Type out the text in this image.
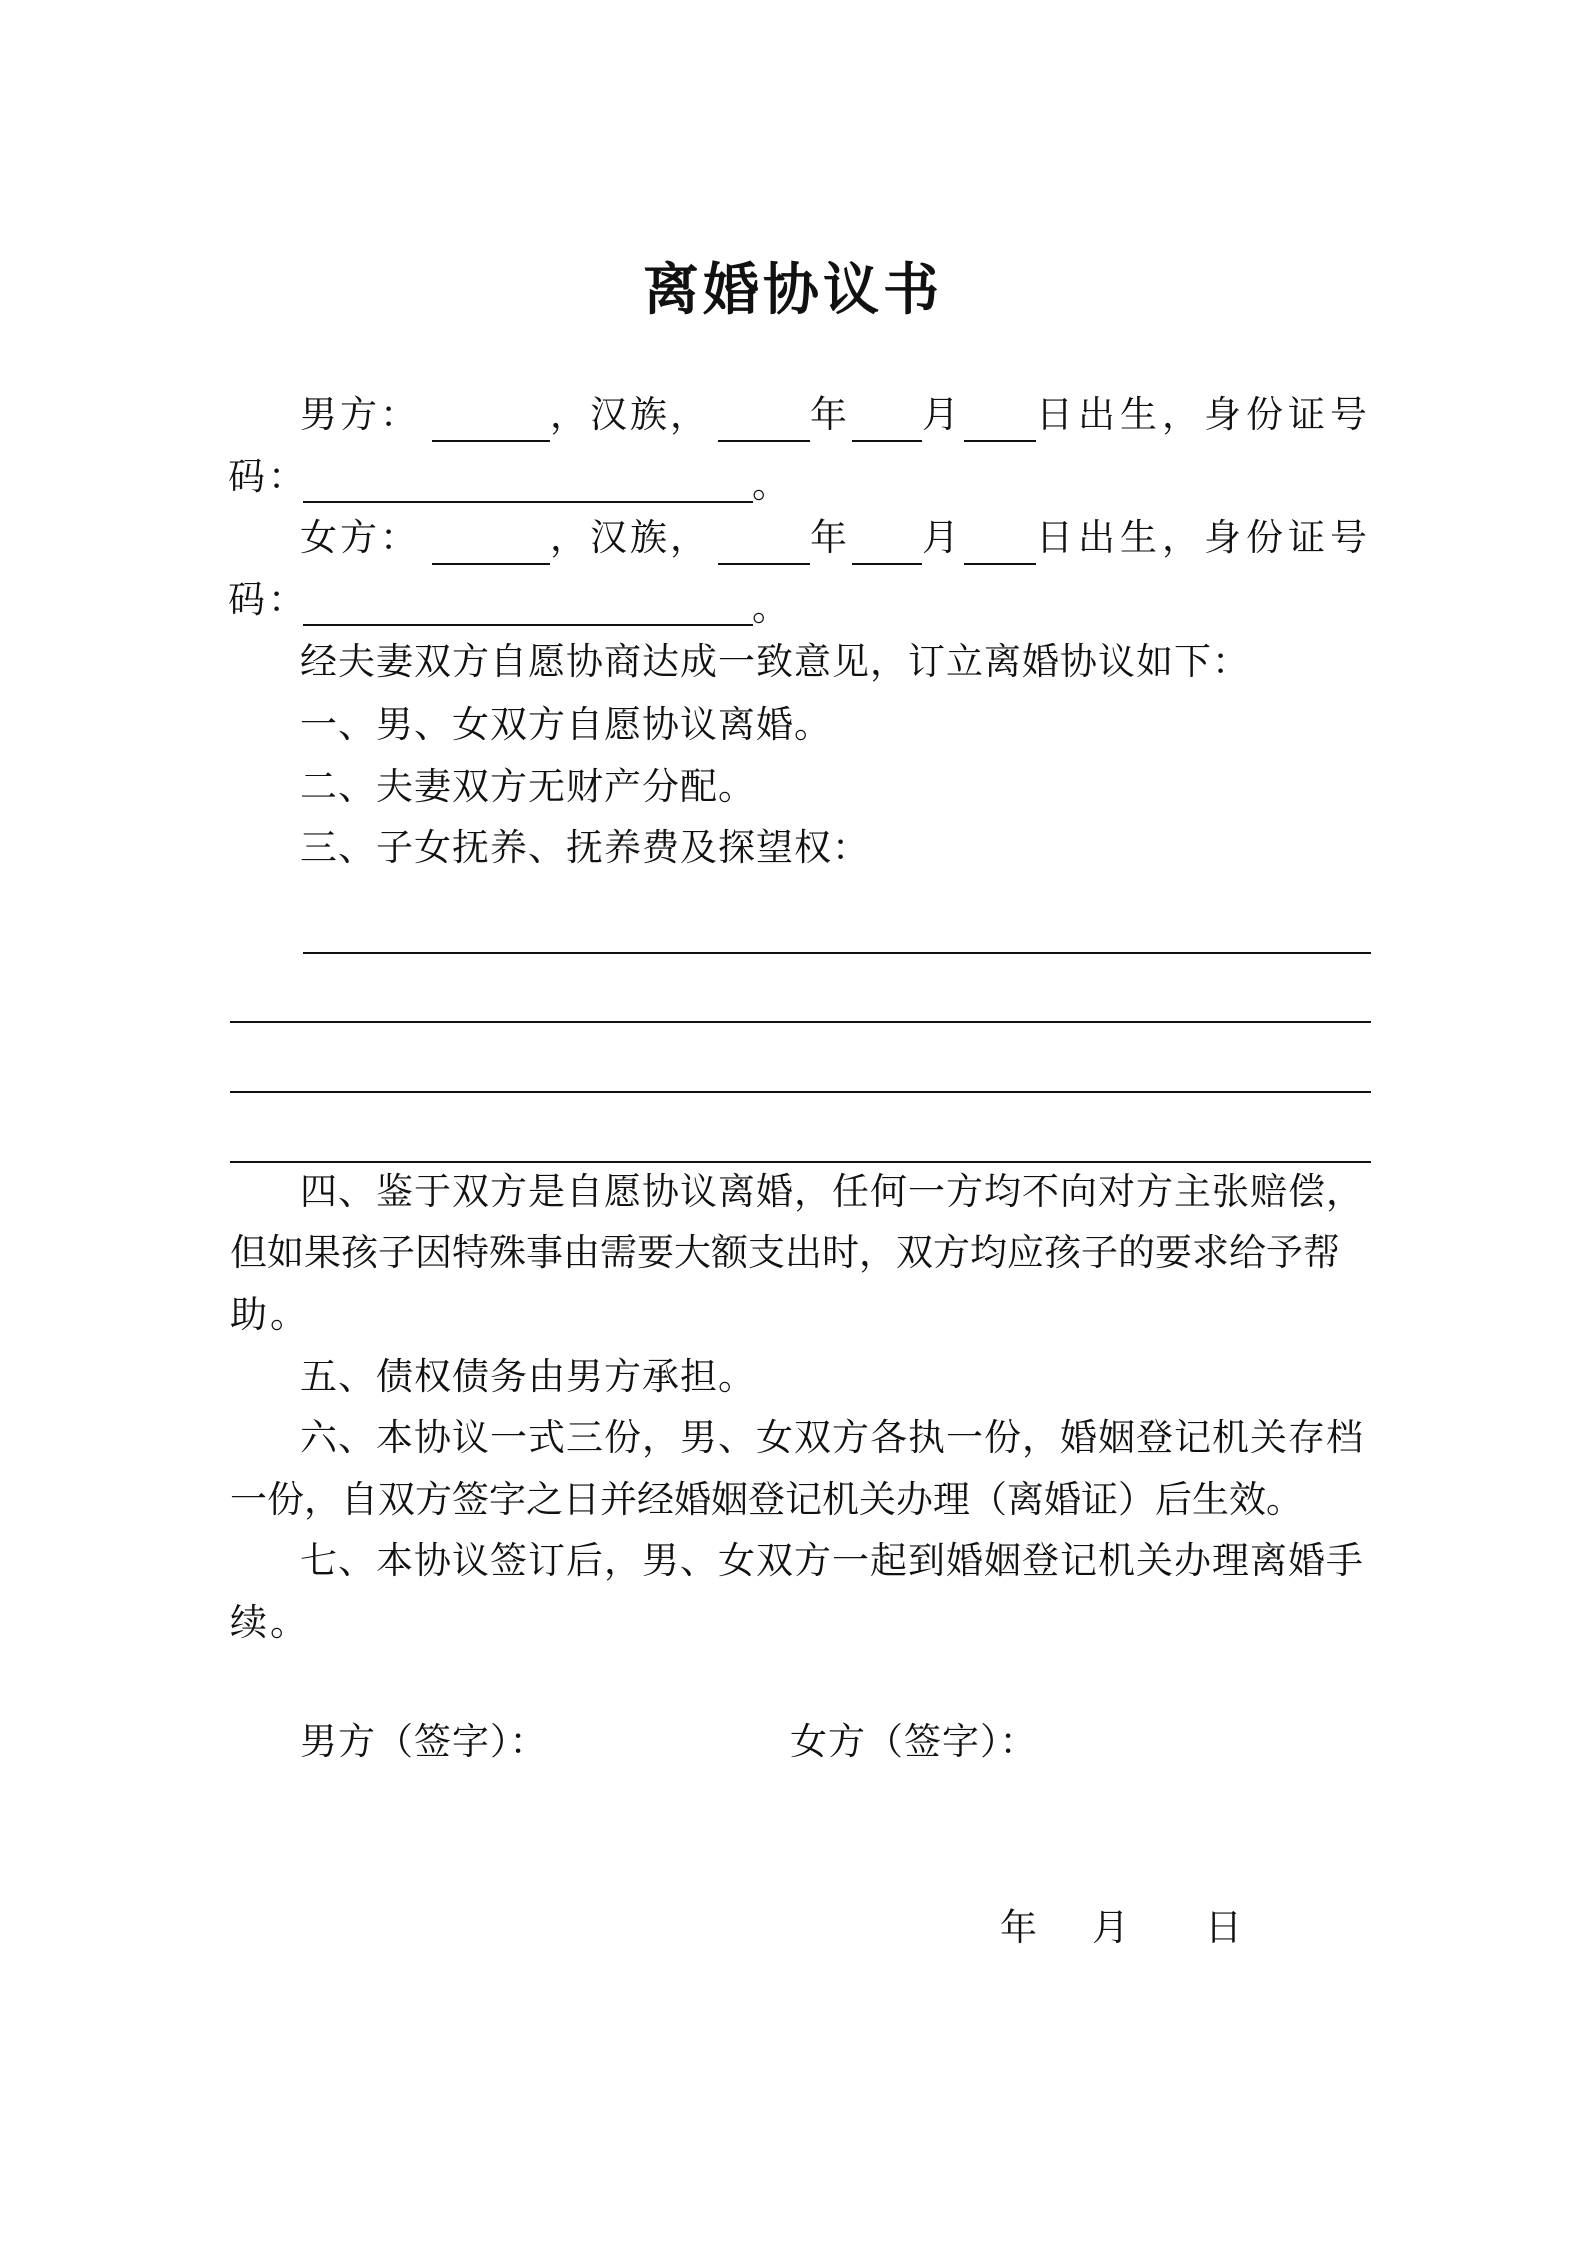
离婚协议书
男方：	，汉族，	年 月 日出生，身份证号
码：	。
女方：	，汉族，	年 月 日出生，身份证号
码：	。
经夫妻双方自愿协商达成一致意见，订立离婚协议如下：
一、男、女双方自愿协议离婚。
二、夫妻双方无财产分配。
三、子女抚养、抚养费及探望权：
四、鉴于双方是自愿协议离婚，任何一方均不向对方主张赔偿，
但如果孩子因特殊事由需要大额支出时，双方均应孩子的要求给予帮
助。
五、债权债务由男方承担。
六、本协议一式三份，男、女双方各执一份，婚姻登记机关存档
一份，自双方签字之日并经婚姻登记机关办理（离婚证）后生效。
七、本协议签订后，男、女双方一起到婚姻登记机关办理离婚手
续。
男方（签字）：	女方（签字）：
年 月 日
